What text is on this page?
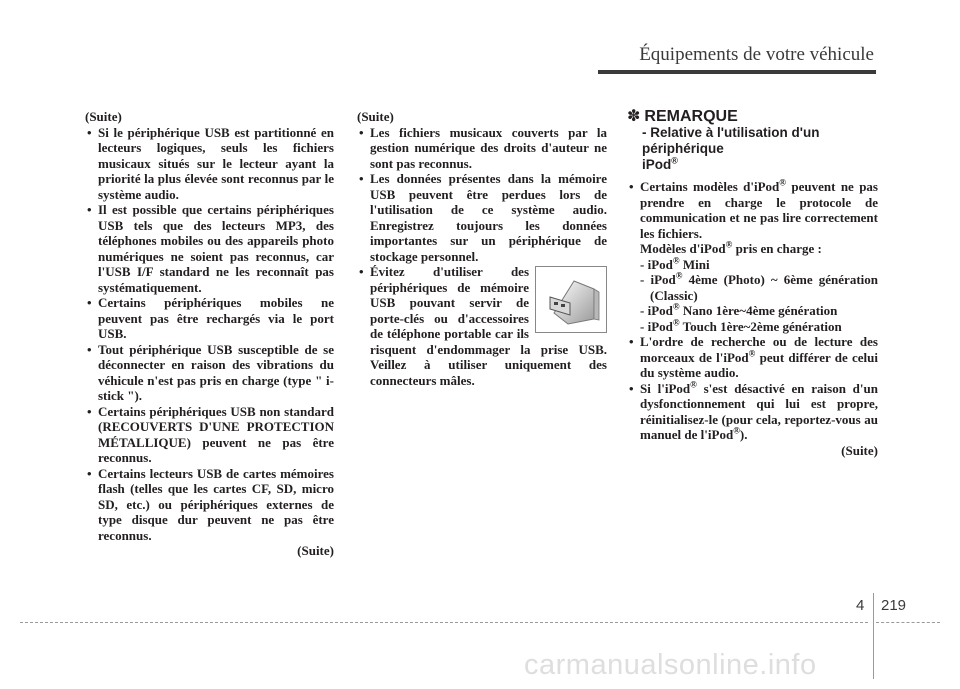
Équipements de votre véhicule

(Suite)

• Si le périphérique USB est partitionné en lecteurs logiques, seuls les fichiers musicaux situés sur le lecteur ayant la priorité la plus élevée sont reconnus par le système audio.
• Il est possible que certains périphériques USB tels que des lecteurs MP3, des téléphones mobiles ou des appareils photo numériques ne soient pas reconnus, car l'USB I/F standard ne les reconnaît pas systématiquement.
• Certains périphériques mobiles ne peuvent pas être rechargés via le port USB.
• Tout périphérique USB susceptible de se déconnecter en raison des vibrations du véhicule n'est pas pris en charge (type " i-stick ").
• Certains périphériques USB non standard (RECOUVERTS D'UNE PROTECTION MÉTALLIQUE) peuvent ne pas être reconnus.
• Certains lecteurs USB de cartes mémoires flash (telles que les cartes CF, SD, micro SD, etc.) ou périphériques externes de type disque dur peuvent ne pas être reconnus.
(Suite)

(Suite)

• Les fichiers musicaux couverts par la gestion numérique des droits d'auteur ne sont pas reconnus.
• Les données présentes dans la mémoire USB peuvent être perdues lors de l'utilisation de ce système audio. Enregistrez toujours les données importantes sur un périphérique de stockage personnel.
• Évitez d'utiliser des périphériques de mémoire USB pouvant servir de porte-clés ou d'accessoires de téléphone portable car ils risquent d'endommager la prise USB. Veillez à utiliser uniquement des connecteurs mâles.
✽ REMARQUE
- Relative à l'utilisation d'un périphérique
iPod®
• Certains modèles d'iPod® peuvent ne pas prendre en charge le protocole de communication et ne pas lire correctement les fichiers.
Modèles d'iPod® pris en charge :
- iPod® Mini
- iPod® 4ème (Photo) ~ 6ème génération (Classic)
- iPod® Nano 1ère~4ème génération
- iPod® Touch 1ère~2ème génération
• L'ordre de recherche ou de lecture des morceaux de l'iPod® peut différer de celui du système audio.
• Si l'iPod® s'est désactivé en raison d'un dysfonctionnement qui lui est propre, réinitialisez-le (pour cela, reportez-vous au manuel de l'iPod®).
(Suite)
4 219
carmanualsonline.info
